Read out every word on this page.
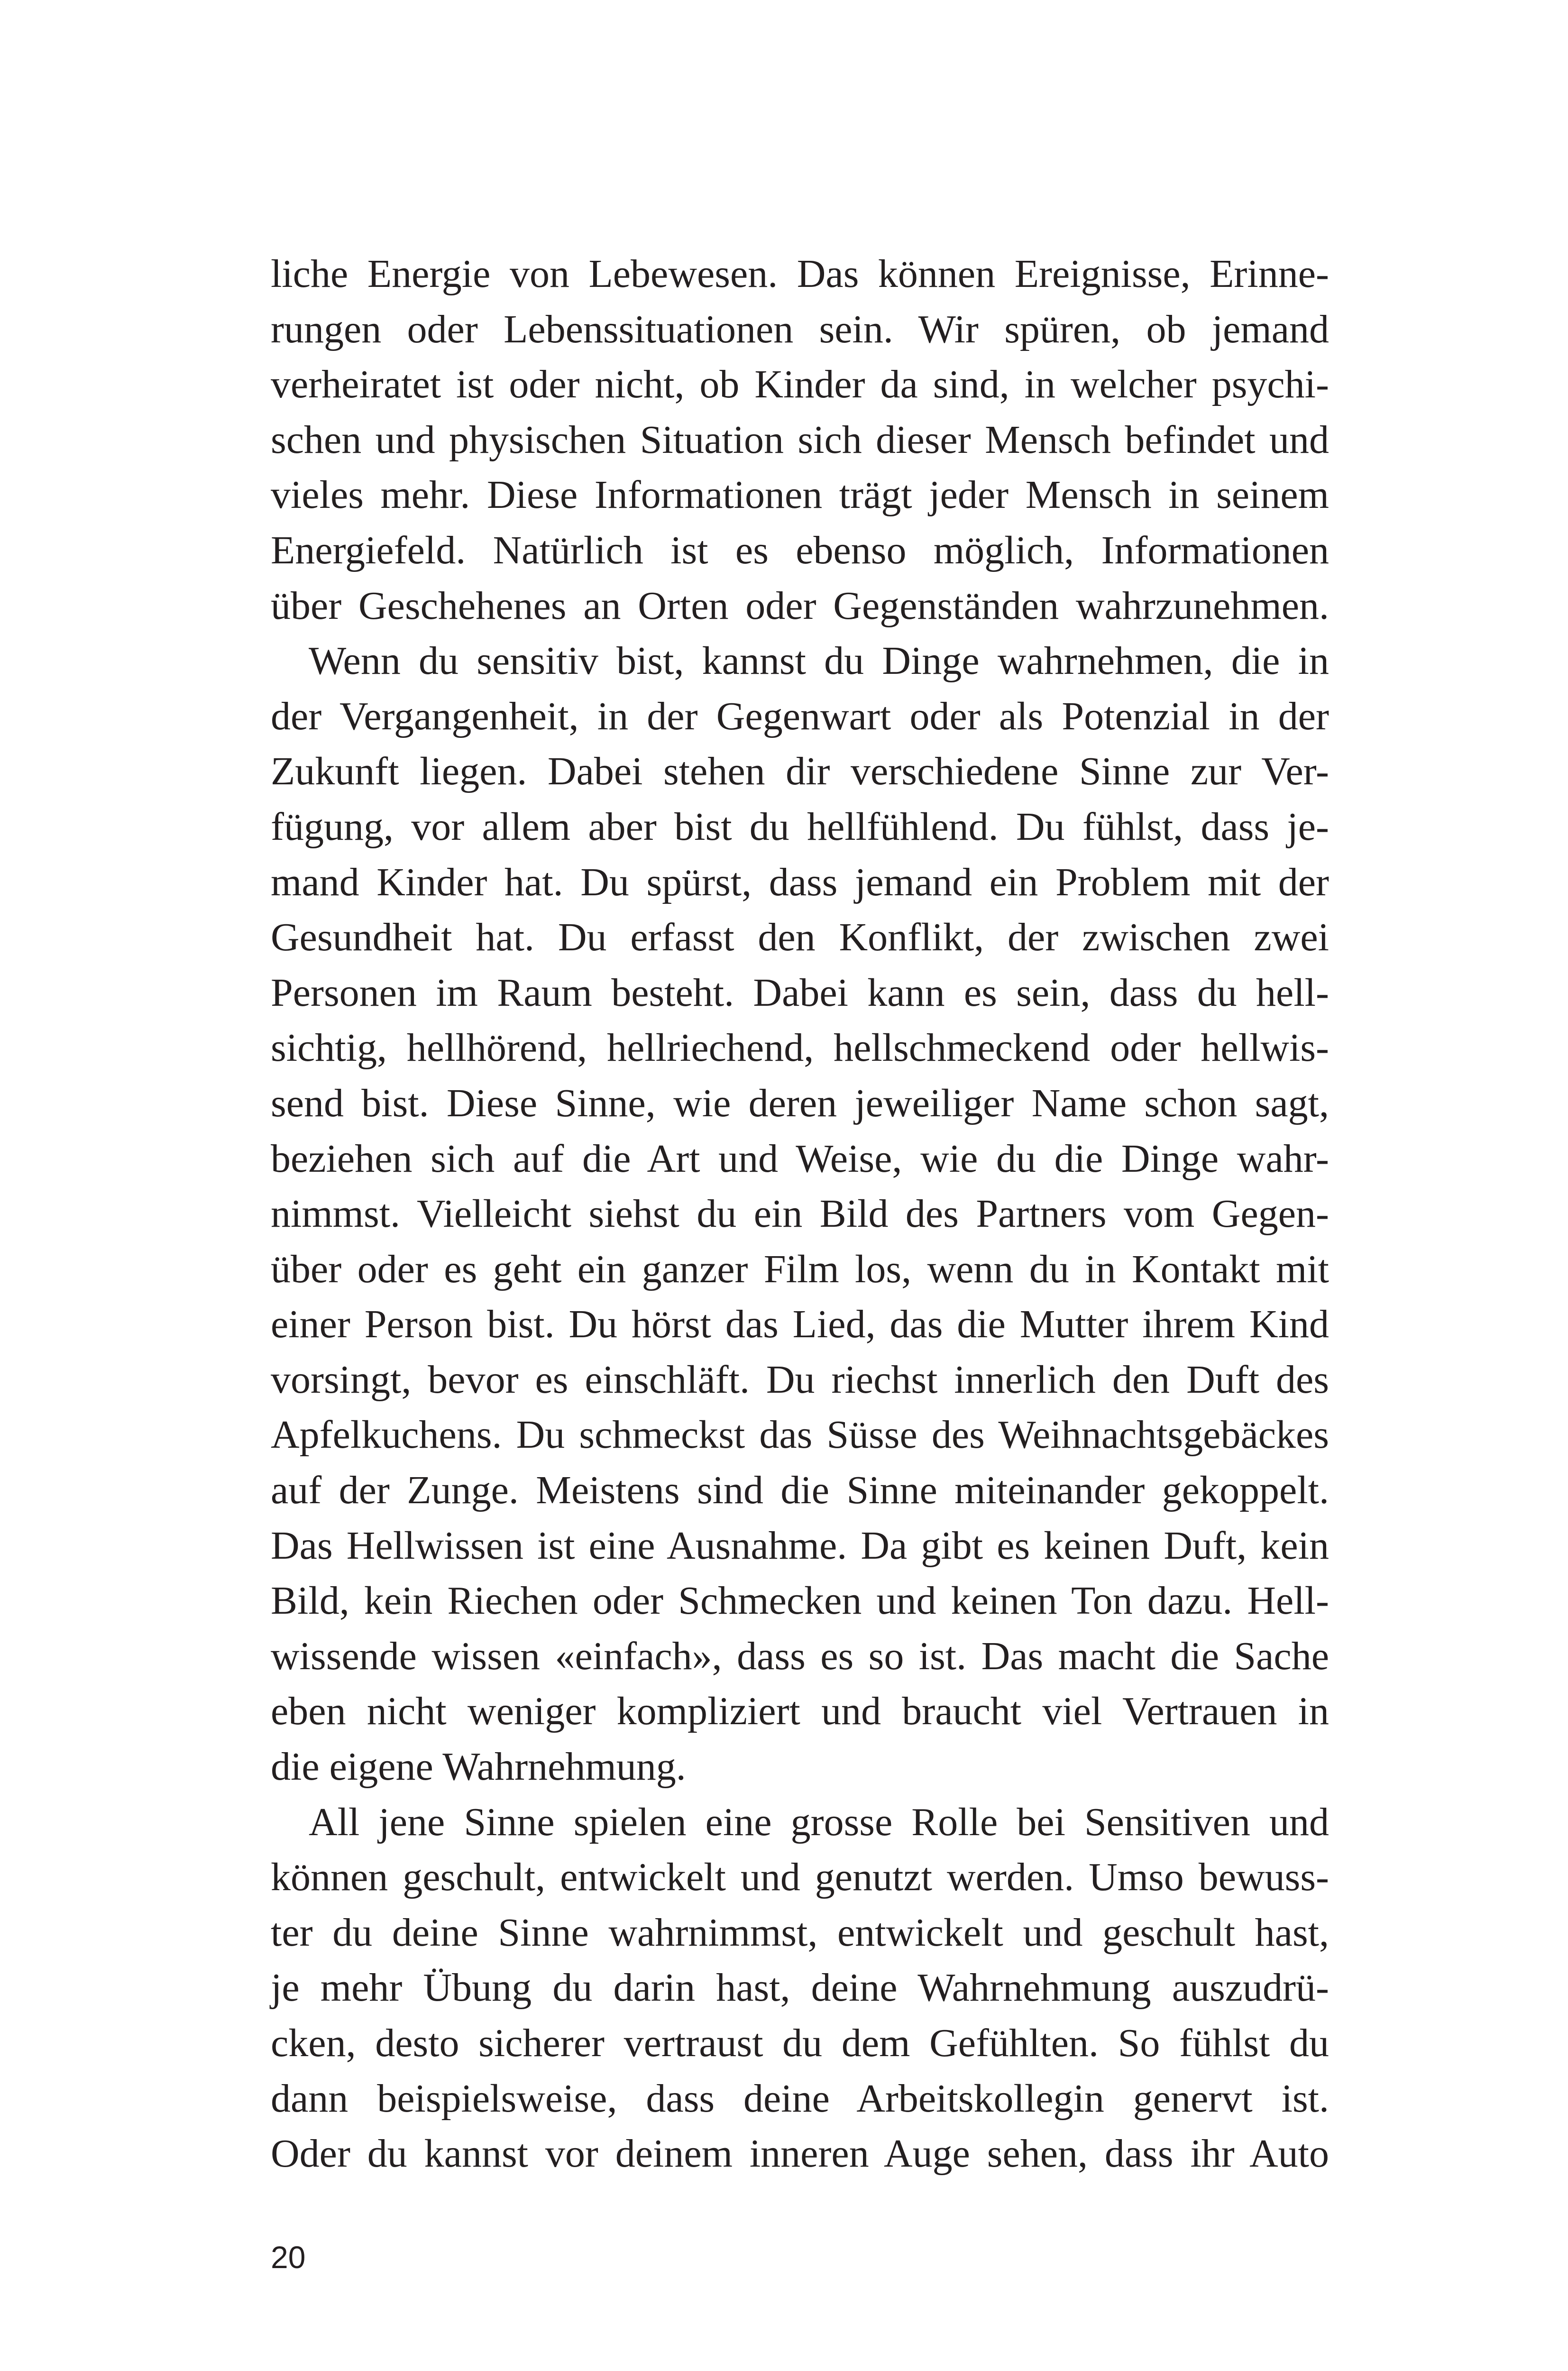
liche Energie von Lebewesen. Das können Ereignisse, Erinne-
rungen oder Lebenssituationen sein. Wir spüren, ob jemand
verheiratet ist oder nicht, ob Kinder da sind, in welcher psychi-
schen und physischen Situation sich dieser Mensch befindet und
vieles mehr. Diese Informationen trägt jeder Mensch in seinem
Energiefeld. Natürlich ist es ebenso möglich, Informationen
über Geschehenes an Orten oder Gegenständen wahrzunehmen.
Wenn du sensitiv bist, kannst du Dinge wahrnehmen, die in
der Vergangenheit, in der Gegenwart oder als Potenzial in der
Zukunft liegen. Dabei stehen dir verschiedene Sinne zur Ver-
fügung, vor allem aber bist du hellfühlend. Du fühlst, dass je-
mand Kinder hat. Du spürst, dass jemand ein Problem mit der
Gesundheit hat. Du erfasst den Konflikt, der zwischen zwei
Personen im Raum besteht. Dabei kann es sein, dass du hell-
sichtig, hellhörend, hellriechend, hellschmeckend oder hellwis-
send bist. Diese Sinne, wie deren jeweiliger Name schon sagt,
beziehen sich auf die Art und Weise, wie du die Dinge wahr-
nimmst. Vielleicht siehst du ein Bild des Partners vom Gegen-
über oder es geht ein ganzer Film los, wenn du in Kontakt mit
einer Person bist. Du hörst das Lied, das die Mutter ihrem Kind
vorsingt, bevor es einschläft. Du riechst innerlich den Duft des
Apfelkuchens. Du schmeckst das Süsse des Weihnachtsgebäckes
auf der Zunge. Meistens sind die Sinne miteinander gekoppelt.
Das Hellwissen ist eine Ausnahme. Da gibt es keinen Duft, kein
Bild, kein Riechen oder Schmecken und keinen Ton dazu. Hell-
wissende wissen «einfach», dass es so ist. Das macht die Sache
eben nicht weniger kompliziert und braucht viel Vertrauen in
die eigene Wahrnehmung.
All jene Sinne spielen eine grosse Rolle bei Sensitiven und
können geschult, entwickelt und genutzt werden. Umso bewuss-
ter du deine Sinne wahrnimmst, entwickelt und geschult hast,
je mehr Übung du darin hast, deine Wahrnehmung auszudrü-
cken, desto sicherer vertraust du dem Gefühlten. So fühlst du
dann beispielsweise, dass deine Arbeitskollegin genervt ist.
Oder du kannst vor deinem inneren Auge sehen, dass ihr Auto
20
